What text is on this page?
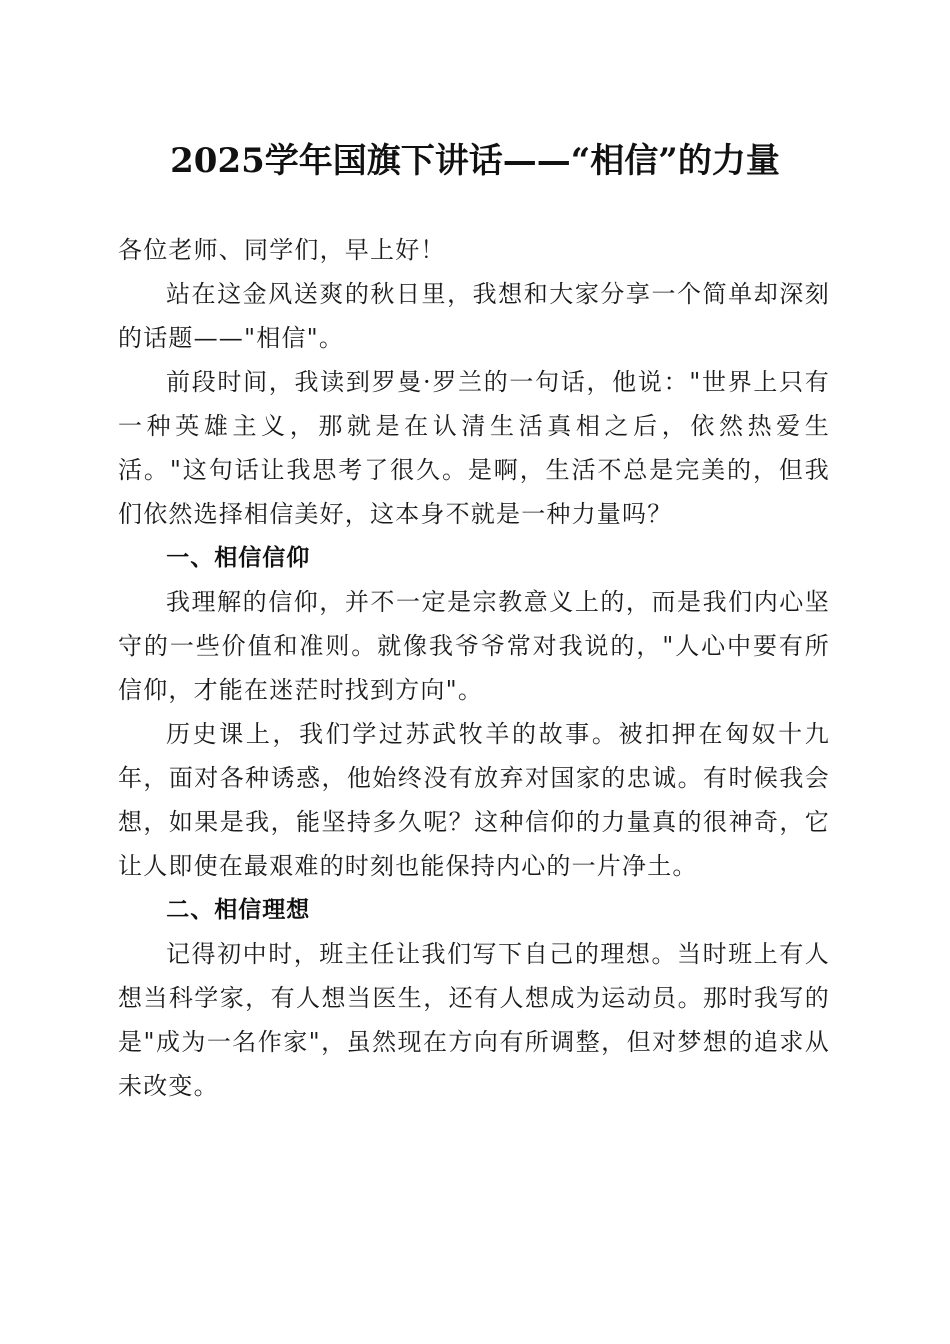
2025学年国旗下讲话——“相信”的力量

各位老师、同学们，早上好！

站在这金风送爽的秋日里，我想和大家分享一个简单却深刻的话题——"相信"。

前段时间，我读到罗曼·罗兰的一句话，他说："世界上只有一种英雄主义，那就是在认清生活真相之后，依然热爱生活。"这句话让我思考了很久。是啊，生活不总是完美的，但我们依然选择相信美好，这本身不就是一种力量吗？

一、相信信仰

我理解的信仰，并不一定是宗教意义上的，而是我们内心坚守的一些价值和准则。就像我爷爷常对我说的，"人心中要有所信仰，才能在迷茫时找到方向"。

历史课上，我们学过苏武牧羊的故事。被扣押在匈奴十九年，面对各种诱惑，他始终没有放弃对国家的忠诚。有时候我会想，如果是我，能坚持多久呢？这种信仰的力量真的很神奇，它让人即使在最艰难的时刻也能保持内心的一片净土。

二、相信理想

记得初中时，班主任让我们写下自己的理想。当时班上有人想当科学家，有人想当医生，还有人想成为运动员。那时我写的是"成为一名作家"，虽然现在方向有所调整，但对梦想的追求从未改变。
